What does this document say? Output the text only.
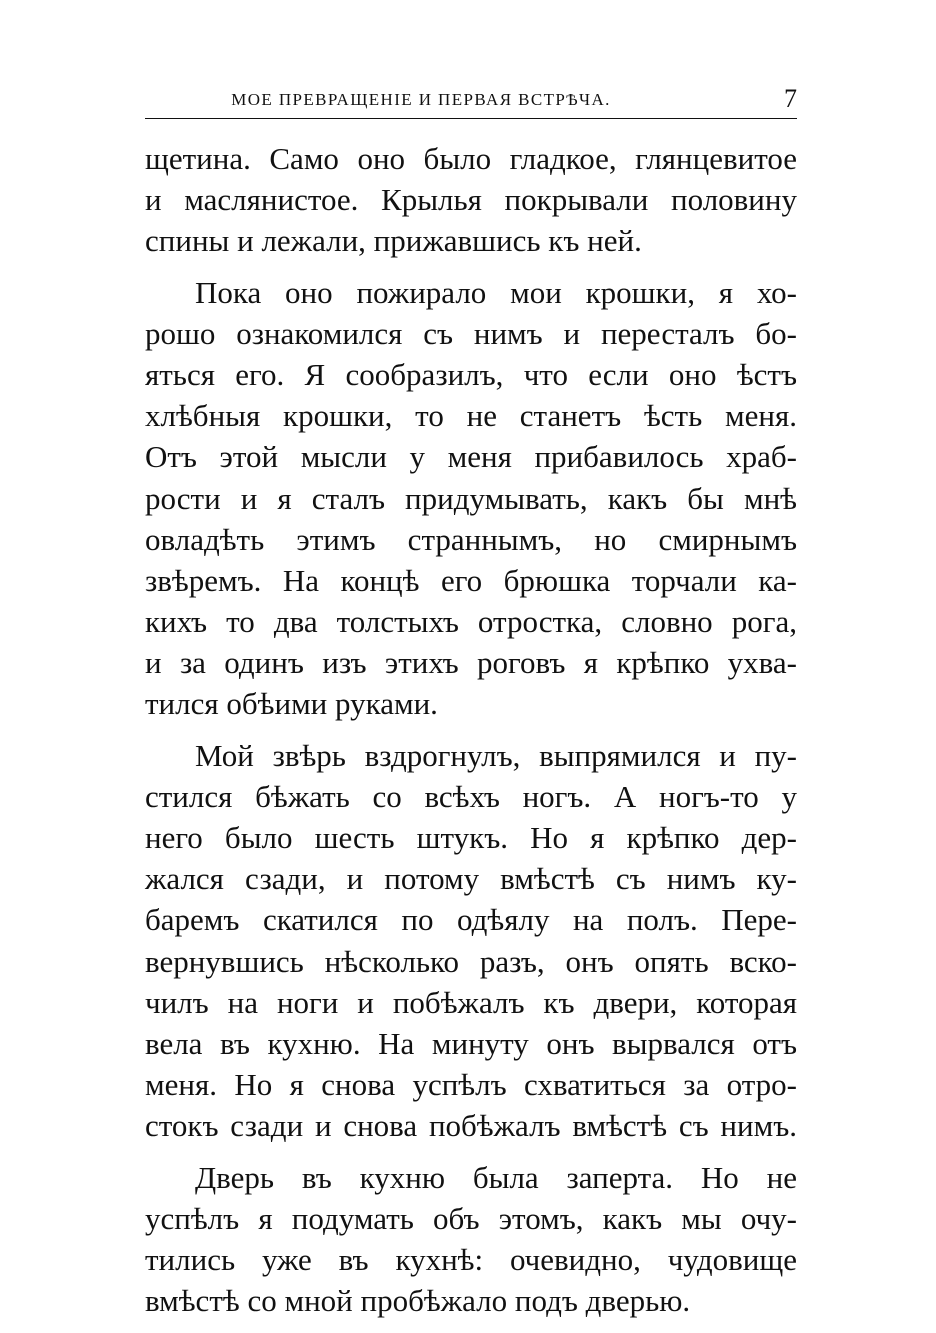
МОЕ ПРЕВРАЩЕНІЕ И ПЕРВАЯ ВСТРѢЧА.	7
щетина. Само оно было гладкое, глянцевитое
и маслянистое. Крылья покрывали половину
спины и лежали, прижавшись къ ней.
Пока оно пожирало мои крошки, я хо-
рошо ознакомился съ нимъ и пересталъ бо-
яться его. Я сообразилъ, что если оно ѣстъ
хлѣбныя крошки, то не станетъ ѣсть меня.
Отъ этой мысли у меня прибавилось храб-
рости и я сталъ придумывать, какъ бы мнѣ
овладѣть этимъ страннымъ, но смирнымъ
звѣремъ. На концѣ его брюшка торчали ка-
кихъ то два толстыхъ отростка, словно рога,
и за одинъ изъ этихъ роговъ я крѣпко ухва-
тился обѣими руками.
Мой звѣрь вздрогнулъ, выпрямился и пу-
стился бѣжать со всѣхъ ногъ. А ногъ-то у
него было шесть штукъ. Но я крѣпко дер-
жался сзади, и потому вмѣстѣ съ нимъ ку-
баремъ скатился по одѣялу на полъ. Пере-
вернувшись нѣсколько разъ, онъ опять вско-
чилъ на ноги и побѣжалъ къ двери, которая
вела въ кухню. На минуту онъ вырвался отъ
меня. Но я снова успѣлъ схватиться за отро-
стокъ сзади и снова побѣжалъ вмѣстѣ съ нимъ.
Дверь въ кухню была заперта. Но не
успѣлъ я подумать объ этомъ, какъ мы очу-
тились уже въ кухнѣ: очевидно, чудовище
вмѣстѣ со мной пробѣжало подъ дверью.
